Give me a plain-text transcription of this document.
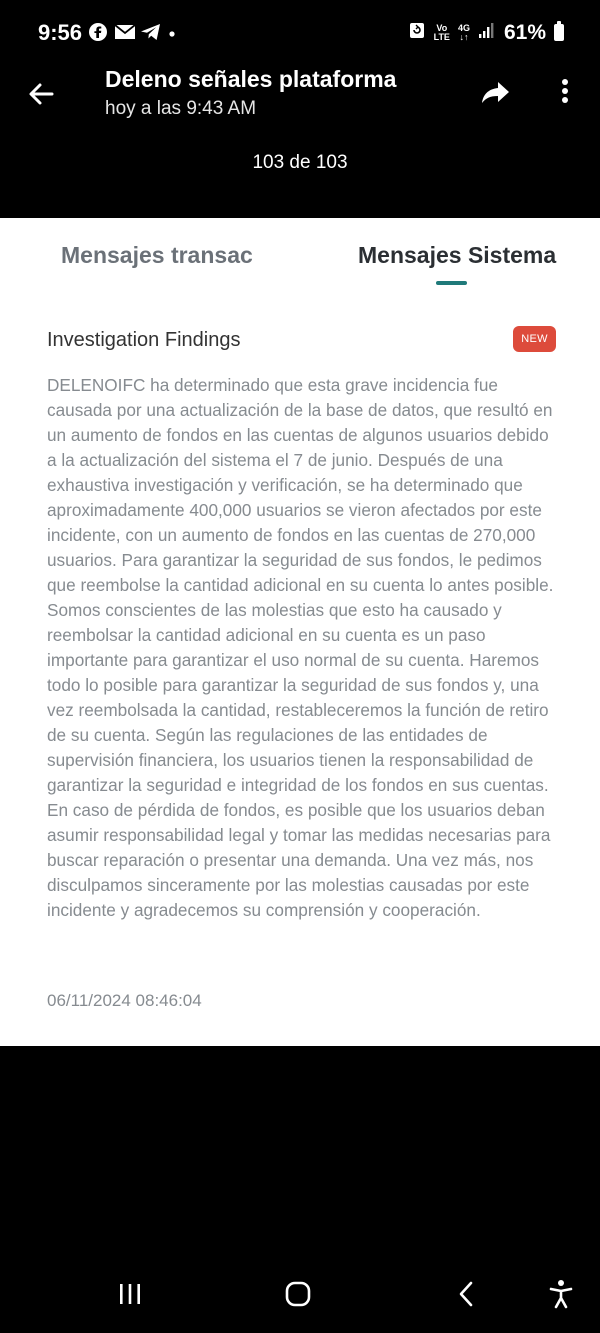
9:56	Vo
LTE
4G
↓↑ 61%
Deleno señales plataforma
hoy a las 9:43 AM
103 de 103
Mensajes transac	Mensajes Sistema
Investigation Findings	NEW

DELENOIFC ha determinado que esta grave incidencia fue causada por una actualización de la base de datos, que resultó en un aumento de fondos en las cuentas de algunos usuarios debido a la actualización del sistema el 7 de junio. Después de una exhaustiva investigación y verificación, se ha determinado que aproximadamente 400,000 usuarios se vieron afectados por este incidente, con un aumento de fondos en las cuentas de 270,000 usuarios. Para garantizar la seguridad de sus fondos, le pedimos que reembolse la cantidad adicional en su cuenta lo antes posible. Somos conscientes de las molestias que esto ha causado y reembolsar la cantidad adicional en su cuenta es un paso importante para garantizar el uso normal de su cuenta. Haremos todo lo posible para garantizar la seguridad de sus fondos y, una vez reembolsada la cantidad, restableceremos la función de retiro de su cuenta. Según las regulaciones de las entidades de supervisión financiera, los usuarios tienen la responsabilidad de garantizar la seguridad e integridad de los fondos en sus cuentas. En caso de pérdida de fondos, es posible que los usuarios deban asumir responsabilidad legal y tomar las medidas necesarias para buscar reparación o presentar una demanda. Una vez más, nos disculpamos sinceramente por las molestias causadas por este incidente y agradecemos su comprensión y cooperación.

06/11/2024 08:46:04
